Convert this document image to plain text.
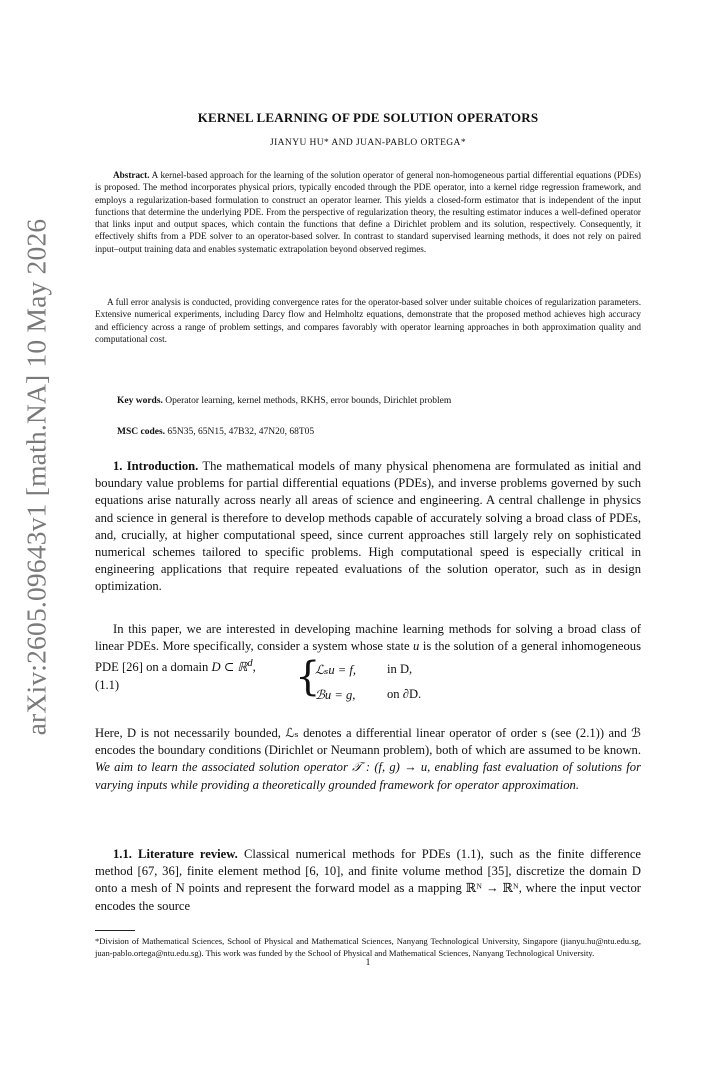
arXiv:2605.09643v1 [math.NA] 10 May 2026
KERNEL LEARNING OF PDE SOLUTION OPERATORS
JIANYU HU* AND JUAN-PABLO ORTEGA*
Abstract. A kernel-based approach for the learning of the solution operator of general non-homogeneous partial differential equations (PDEs) is proposed. The method incorporates physical priors, typically encoded through the PDE operator, into a kernel ridge regression framework, and employs a regularization-based formulation to construct an operator learner. This yields a closed-form estimator that is independent of the input functions that determine the underlying PDE. From the perspective of regularization theory, the resulting estimator induces a well-defined operator that links input and output spaces, which contain the functions that define a Dirichlet problem and its solution, respectively. Consequently, it effectively shifts from a PDE solver to an operator-based solver. In contrast to standard supervised learning methods, it does not rely on paired input–output training data and enables systematic extrapolation beyond observed regimes.
A full error analysis is conducted, providing convergence rates for the operator-based solver under suitable choices of regularization parameters. Extensive numerical experiments, including Darcy flow and Helmholtz equations, demonstrate that the proposed method achieves high accuracy and efficiency across a range of problem settings, and compares favorably with operator learning approaches in both approximation quality and computational cost.
Key words. Operator learning, kernel methods, RKHS, error bounds, Dirichlet problem
MSC codes. 65N35, 65N15, 47B32, 47N20, 68T05
1. Introduction. The mathematical models of many physical phenomena are formulated as initial and boundary value problems for partial differential equations (PDEs), and inverse problems governed by such equations arise naturally across nearly all areas of science and engineering. A central challenge in physics and science in general is therefore to develop methods capable of accurately solving a broad class of PDEs, and, crucially, at higher computational speed, since current approaches still largely rely on sophisticated numerical schemes tailored to specific problems. High computational speed is especially critical in engineering applications that require repeated evaluations of the solution operator, such as in design optimization.
In this paper, we are interested in developing machine learning methods for solving a broad class of linear PDEs. More specifically, consider a system whose state u is the solution of a general inhomogeneous PDE [26] on a domain D ⊂ ℝ$^d$,
(1.1)	{
ℒₛu = f, in D,
ℬu = g,	on ∂D.
Here, D is not necessarily bounded, ℒₛ denotes a differential linear operator of order s (see (2.1)) and ℬ encodes the boundary conditions (Dirichlet or Neumann problem), both of which are assumed to be known. We aim to learn the associated solution operator 𝒯 : (f, g) → u, enabling fast evaluation of solutions for varying inputs while providing a theoretically grounded framework for operator approximation.
1.1. Literature review. Classical numerical methods for PDEs (1.1), such as the finite difference method [67, 36], finite element method [6, 10], and finite volume method [35], discretize the domain D onto a mesh of N points and represent the forward model as a mapping ℝᴺ → ℝᴺ, where the input vector encodes the source
*Division of Mathematical Sciences, School of Physical and Mathematical Sciences, Nanyang Technological University, Singapore (jianyu.hu@ntu.edu.sg, juan-pablo.ortega@ntu.edu.sg). This work was funded by the School of Physical and Mathematical Sciences, Nanyang Technological University.
1
